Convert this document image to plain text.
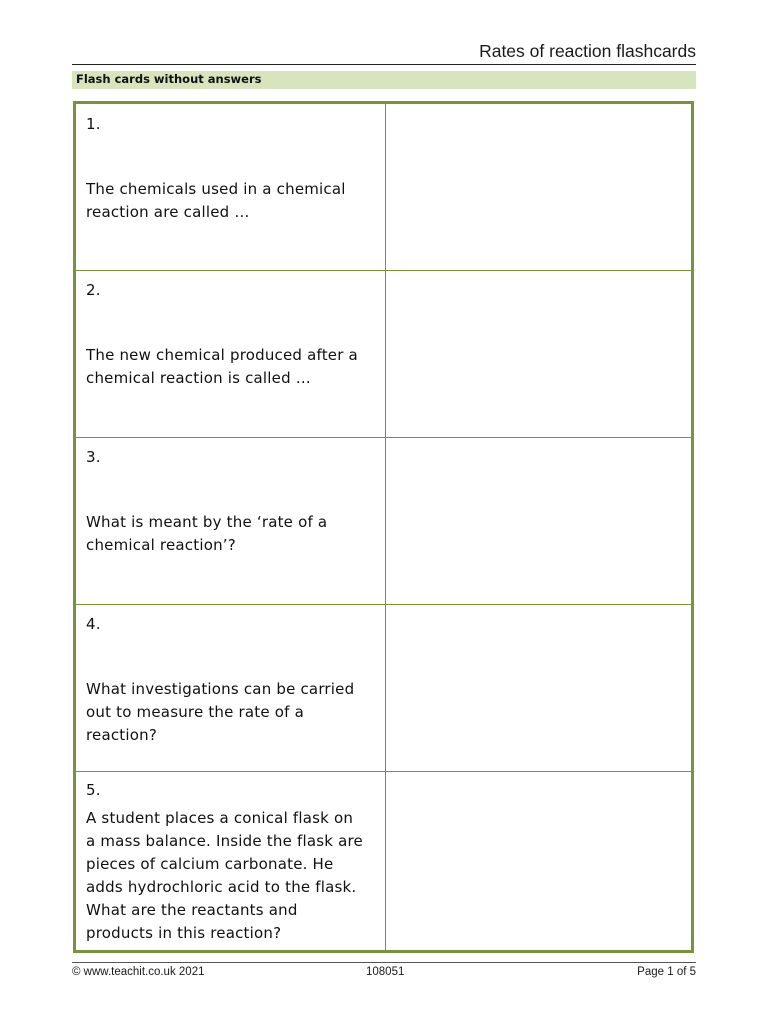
Rates of reaction flashcards
Flash cards without answers
1.
The chemicals used in a chemical
reaction are called …
2.
The new chemical produced after a
chemical reaction is called …
3.
What is meant by the ‘rate of a
chemical reaction’?
4.
What investigations can be carried
out to measure the rate of a
reaction?
5.
A student places a conical flask on
a mass balance. Inside the flask are
pieces of calcium carbonate. He
adds hydrochloric acid to the flask.
What are the reactants and
products in this reaction?
© www.teachit.co.uk 2021	108051	Page 1 of 5
